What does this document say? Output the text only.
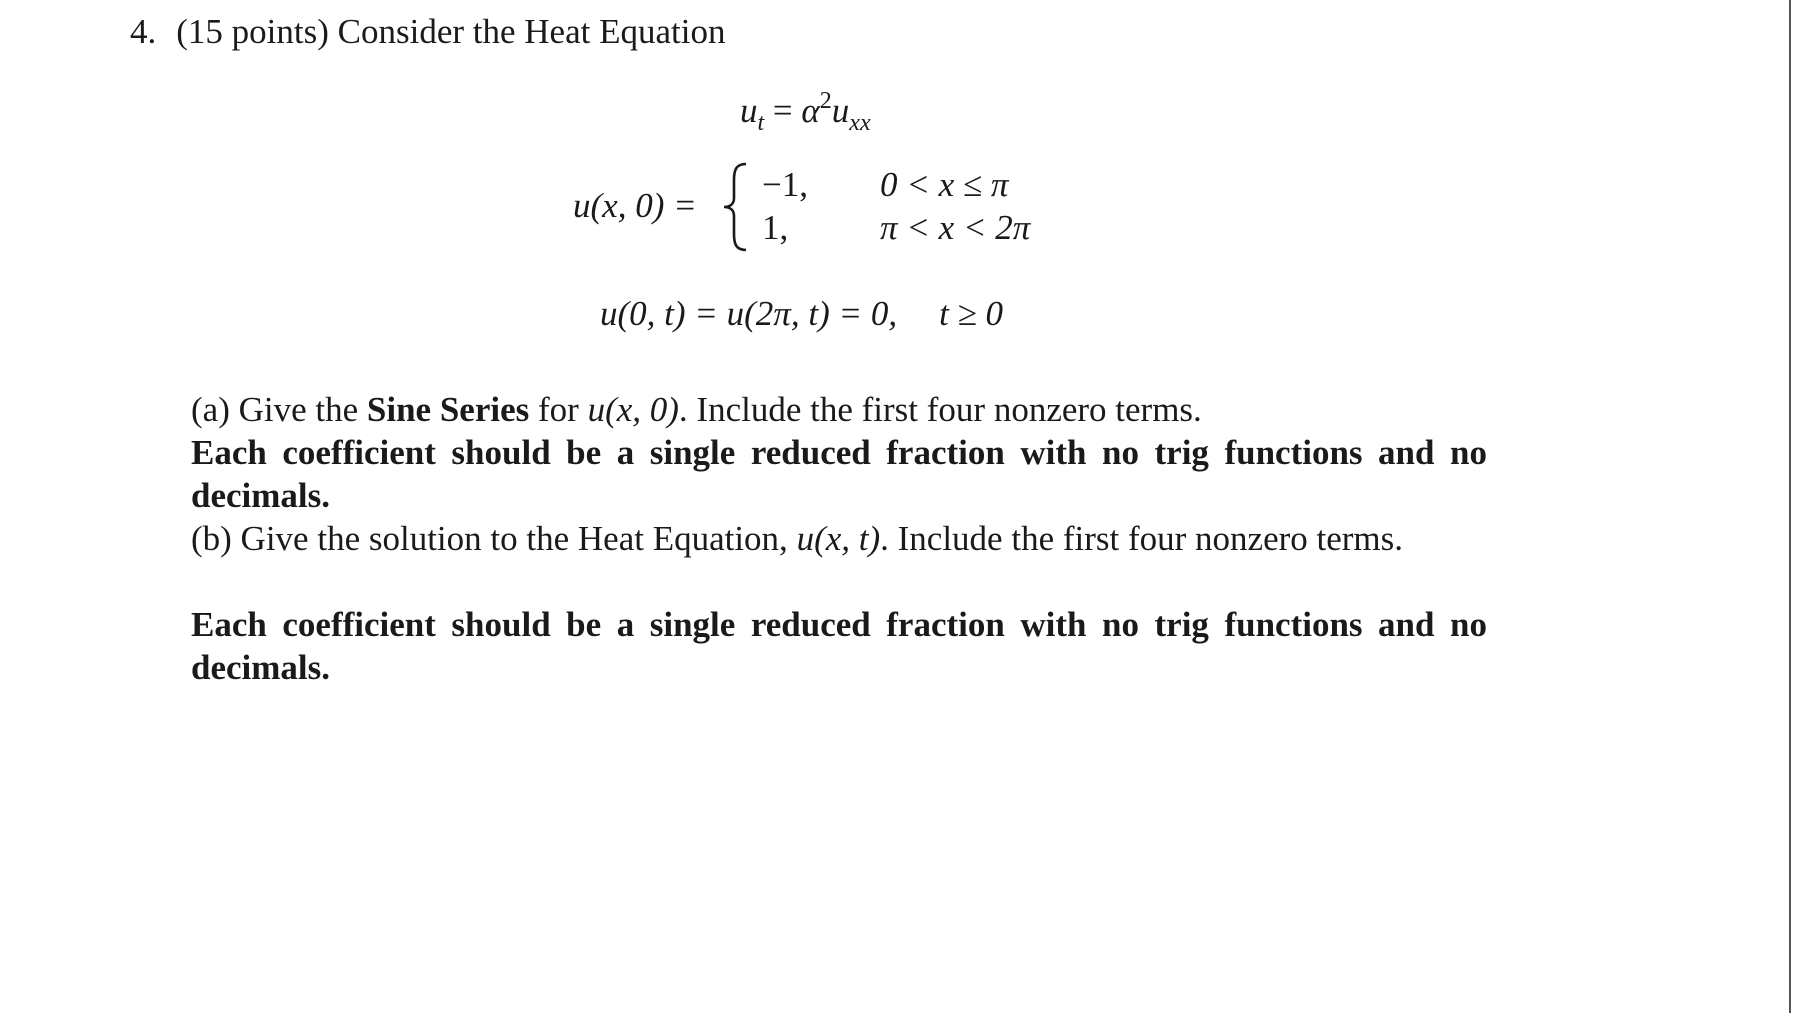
4. (15 points) Consider the Heat Equation
$u_t = \alpha^2u_{xx}$
u(x, 0) =
−1, 0 < x ≤ π
1,	π < x < 2π
u(0, t) = u(2π, t) = 0, t ≥ 0
(a) Give the Sine Series for u(x, 0). Include the first four nonzero terms.
Each coefficient should be a single reduced fraction with no trig functions and no decimals.
(b) Give the solution to the Heat Equation, u(x, t). Include the first four nonzero terms.
Each coefficient should be a single reduced fraction with no trig functions and no decimals.
